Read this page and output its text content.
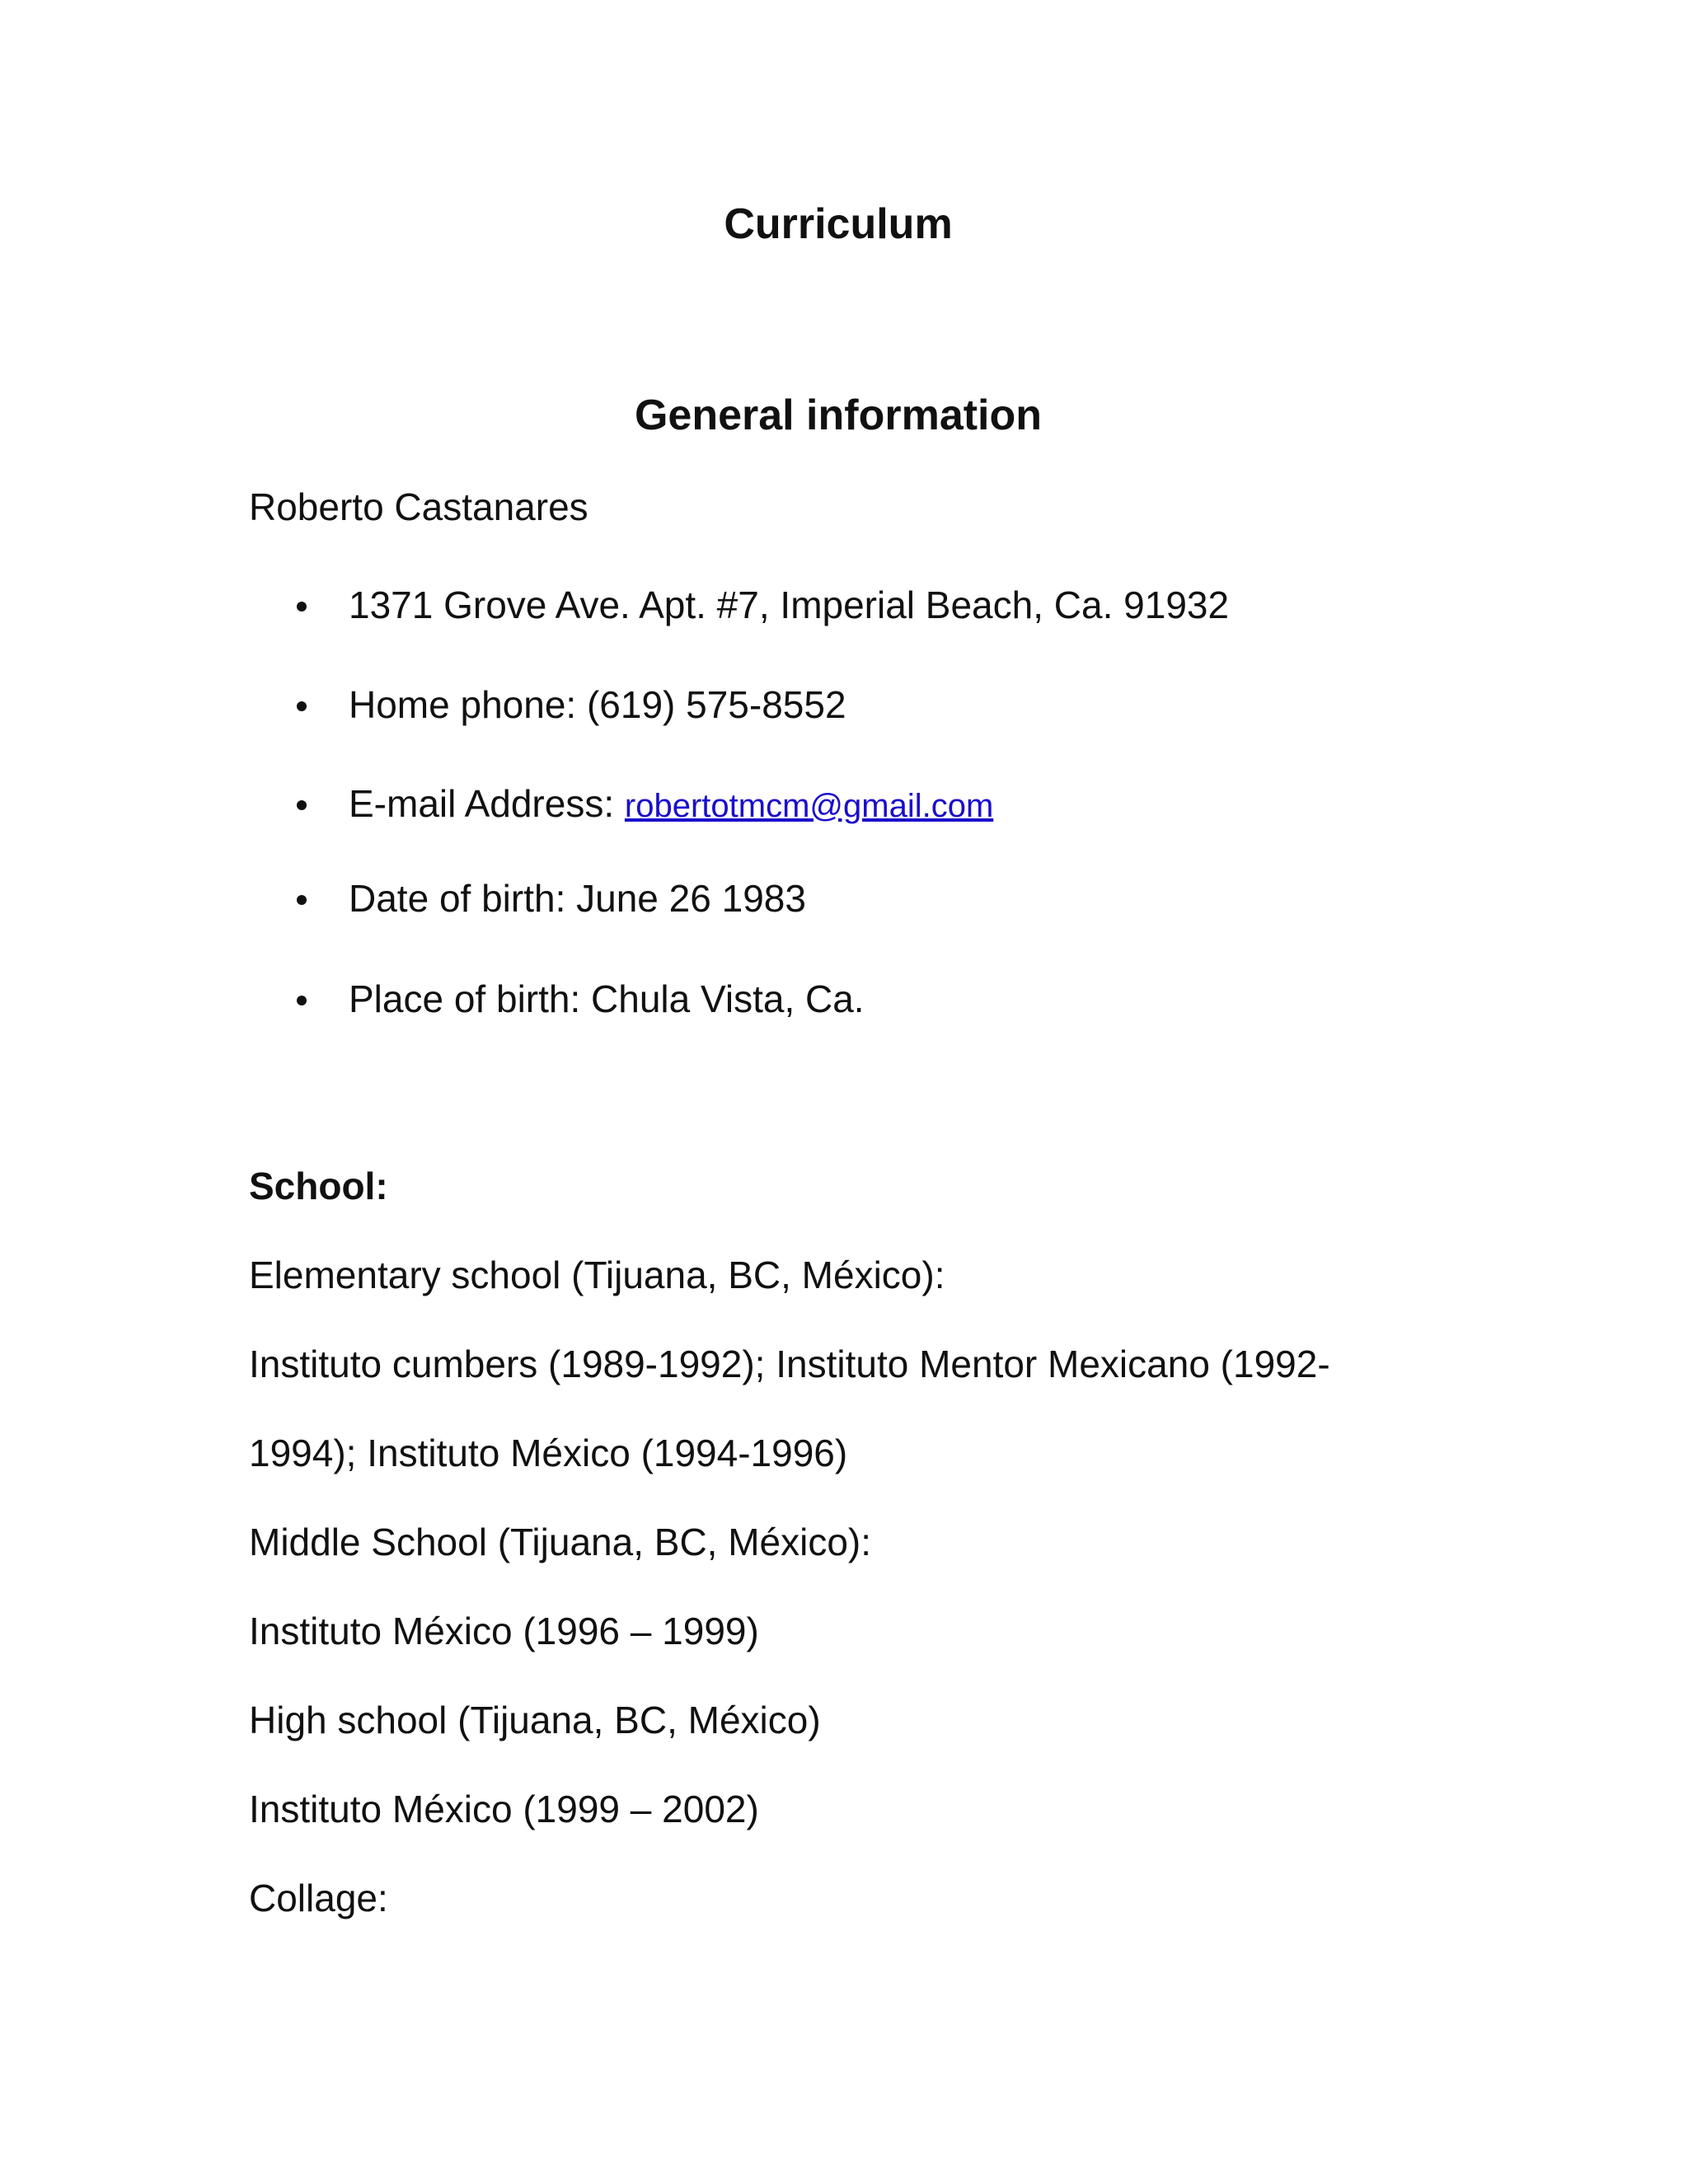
Curriculum
General information

Roberto Castanares

1371 Grove Ave. Apt. #7, Imperial Beach, Ca. 91932
Home phone: (619) 575-8552
E-mail Address: robertotmcm@gmail.com
Date of birth: June 26 1983
Place of birth: Chula Vista, Ca.

School:

Elementary school (Tijuana, BC, México):

Instituto cumbers (1989-1992); Instituto Mentor Mexicano (1992-

1994); Instituto México (1994-1996)

Middle School (Tijuana, BC, México):

Instituto México (1996 – 1999)

High school (Tijuana, BC, México)

Instituto México (1999 – 2002)

Collage:
